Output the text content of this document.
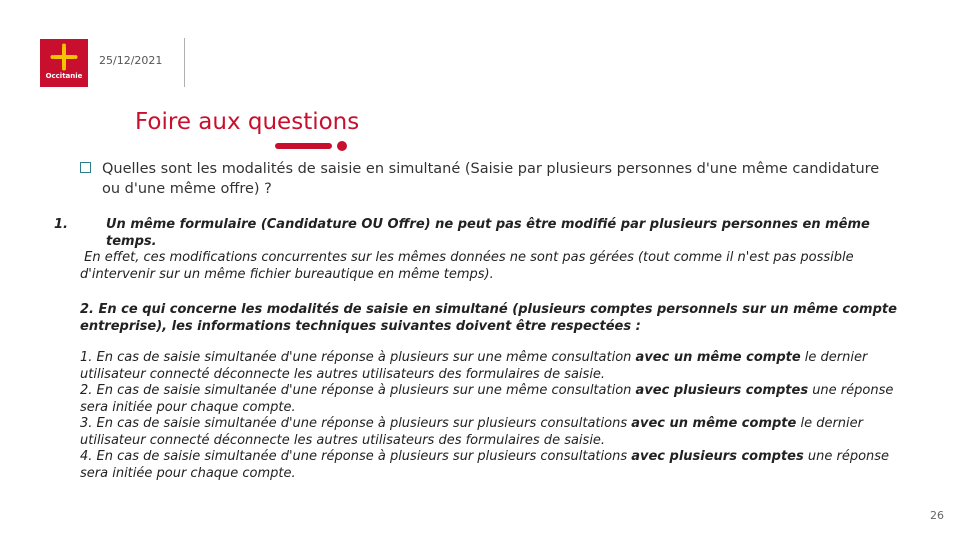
Occitanie
25/12/2021
Foire aux questions
Quelles sont les modalités de saisie en simultané (Saisie par plusieurs personnes d'une même candidature ou d'une même offre) ?

1.	Un même formulaire (Candidature OU Offre) ne peut pas être modifié par plusieurs personnes en même temps.

En effet, ces modifications concurrentes sur les mêmes données ne sont pas gérées (tout comme il n'est pas possible d'intervenir sur un même fichier bureautique en même temps).

2. En ce qui concerne les modalités de saisie en simultané (plusieurs comptes personnels sur un même compte entreprise), les informations techniques suivantes doivent être respectées :

1. En cas de saisie simultanée d'une réponse à plusieurs sur une même consultation avec un même compte le dernier utilisateur connecté déconnecte les autres utilisateurs des formulaires de saisie.

2. En cas de saisie simultanée d'une réponse à plusieurs sur une même consultation avec plusieurs comptes une réponse sera initiée pour chaque compte.

3. En cas de saisie simultanée d'une réponse à plusieurs sur plusieurs consultations avec un même compte le dernier utilisateur connecté déconnecte les autres utilisateurs des formulaires de saisie.

4. En cas de saisie simultanée d'une réponse à plusieurs sur plusieurs consultations avec plusieurs comptes une réponse sera initiée pour chaque compte.

26
